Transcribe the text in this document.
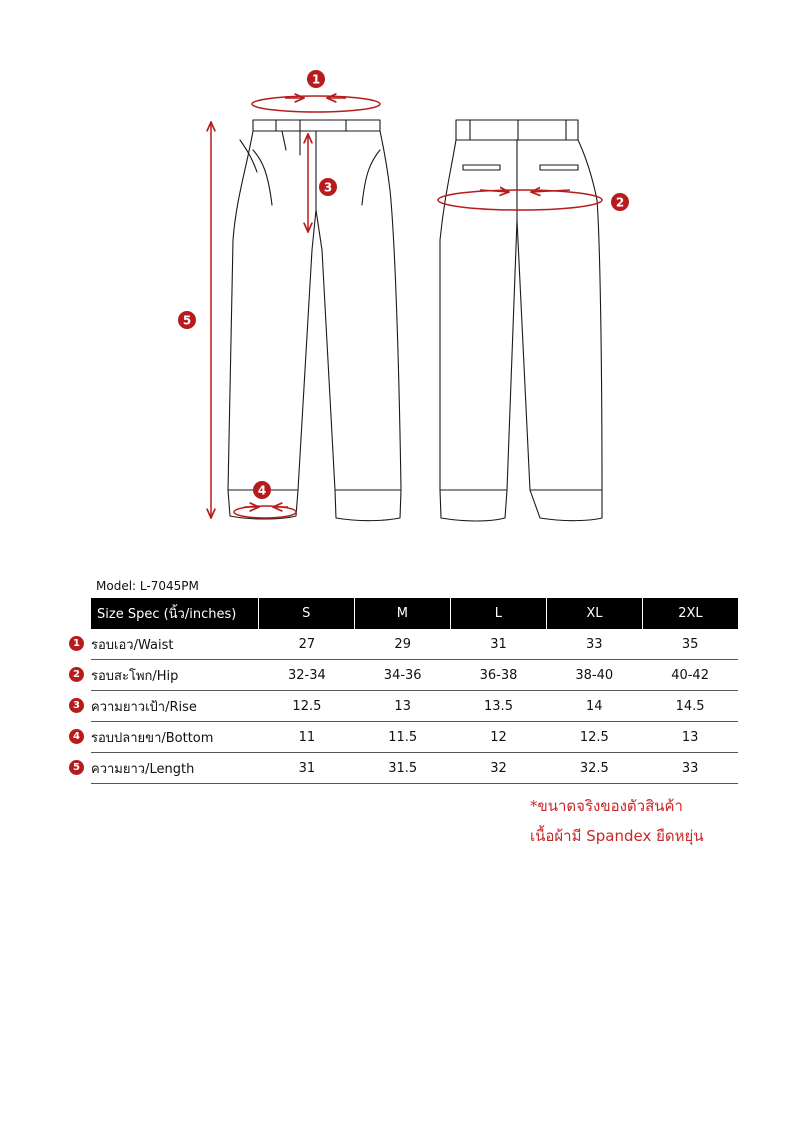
1
2
3
4
5
Model: L-7045PM
Size Spec (นิ้ว/inches)	S	M	L	XL	2XL
1 รอบเอว/Waist	27	29	31	33	35
2 รอบสะโพก/Hip	32-34	34-36	36-38	38-40	40-42
3 ความยาวเป้า/Rise	12.5	13	13.5	14	14.5
4 รอบปลายขา/Bottom	11	11.5	12	12.5	13
5 ความยาว/Length	31	31.5	32	32.5	33
*ขนาดจริงของตัวสินค้า
เนื้อผ้ามี Spandex ยืดหยุ่น
